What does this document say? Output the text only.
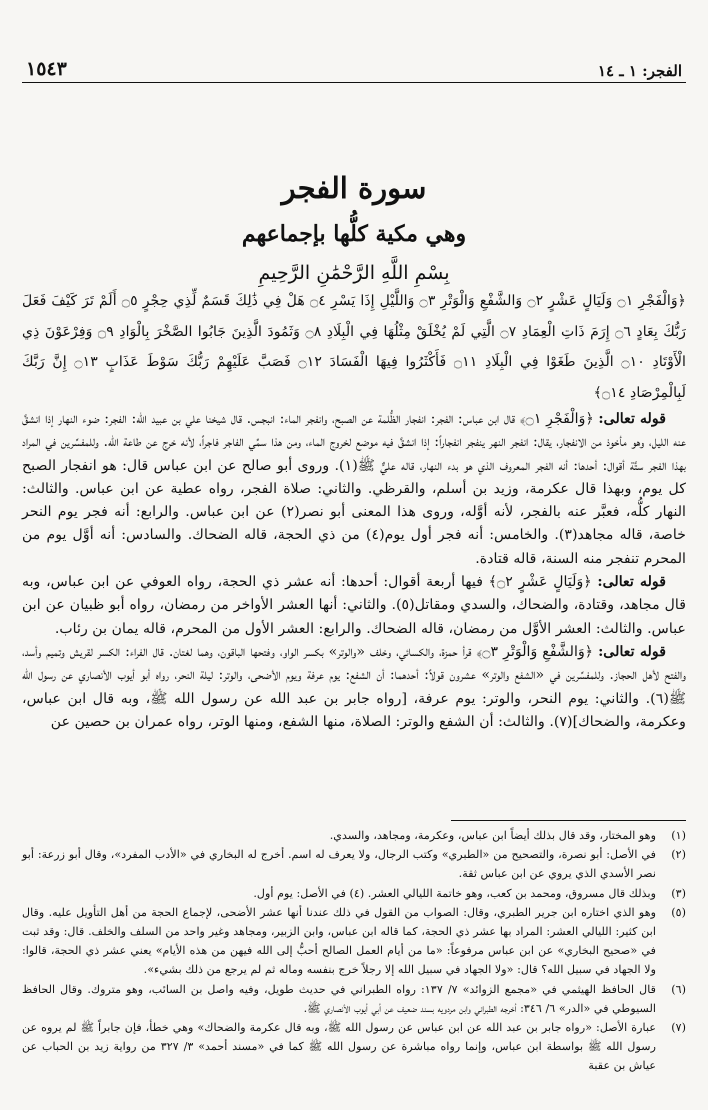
الفجر: ١ ـ ١٤
١٥٤٣
سورة الفجر
وهي مكية كلُّها بإجماعهم
بِسْمِ اللَّهِ الرَّحْمَٰنِ الرَّحِيمِ

﴿وَالْفَجْرِ ۝١ وَلَيَالٍ عَشْرٍ ۝٢ وَالشَّفْعِ وَالْوَتْرِ ۝٣ وَاللَّيْلِ إِذَا يَسْرِ ۝٤ هَلْ فِي ذَٰلِكَ قَسَمٌ لِّذِي حِجْرٍ ۝٥ أَلَمْ تَرَ كَيْفَ فَعَلَ رَبُّكَ بِعَادٍ ۝٦ إِرَمَ ذَاتِ الْعِمَادِ ۝٧ الَّتِي لَمْ يُخْلَقْ مِثْلُهَا فِي الْبِلَادِ ۝٨ وَثَمُودَ الَّذِينَ جَابُوا الصَّخْرَ بِالْوَادِ ۝٩ وَفِرْعَوْنَ ذِي الْأَوْتَادِ ۝١٠ الَّذِينَ طَغَوْا فِي الْبِلَادِ ۝١١ فَأَكْثَرُوا فِيهَا الْفَسَادَ ۝١٢ فَصَبَّ عَلَيْهِمْ رَبُّكَ سَوْطَ عَذَابٍ ۝١٣ إِنَّ رَبَّكَ لَبِالْمِرْصَادِ ۝١٤﴾

قوله تعالى: ﴿وَالْفَجْرِ ۝١﴾ قال ابن عباس: الفجر: انفجار الظُّلمة عن الصبح، وانفجر الماء: انبجس. قال شيخنا علي بن عبيد الله: الفجر: ضوء النهار إذا انشقَّ عنه الليل، وهو مأخوذ من الانفجار، يقال: انفجر النهر ينفجر انفجاراً: إذا انشقَّ فيه موضع لخروج الماء، ومن هذا سمِّي الفاجر فاجراً، لأنه خرج عن طاعة الله. وللمفسِّرين في المراد بهذا الفجر ستَّة أقوال: أحدها: أنه الفجر المعروف الذي هو بدء النهار، قاله عليٌّ ﷺ(١). وروى أبو صالح عن ابن عباس قال: هو انفجار الصبح كل يوم، وبهذا قال عكرمة، وزيد بن أسلم، والقرظي. والثاني: صلاة الفجر، رواه عطية عن ابن عباس. والثالث: النهار كلُّه، فعبَّر عنه بالفجر، لأنه أوَّله، وروى هذا المعنى أبو نصر(٢) عن ابن عباس. والرابع: أنه فجر يوم النحر خاصة، قاله مجاهد(٣). والخامس: أنه فجر أول يوم(٤) من ذي الحجة، قاله الضحاك. والسادس: أنه أوَّل يوم من المحرم تنفجر منه السنة، قاله قتادة.

قوله تعالى: ﴿وَلَيَالٍ عَشْرٍ ۝٢﴾ فيها أربعة أقوال: أحدها: أنه عشر ذي الحجة، رواه العوفي عن ابن عباس، وبه قال مجاهد، وقتادة، والضحاك، والسدي ومقاتل(٥). والثاني: أنها العشر الأواخر من رمضان، رواه أبو ظبيان عن ابن عباس. والثالث: العشر الأوَّل من رمضان، قاله الضحاك. والرابع: العشر الأول من المحرم، قاله يمان بن رئاب.

قوله تعالى: ﴿وَالشَّفْعِ وَالْوَتْرِ ۝٣﴾ قرأ حمزة، والكسائي، وخلف «والوتر» بكسر الواو، وفتحها الباقون، وهما لغتان. قال الفراء: الكسر لقريش وتميم وأسد، والفتح لأهل الحجاز. وللمفسِّرين في «الشفع والوتر» عشرون قولاً: أحدهما: أن الشفع: يوم عرفة ويوم الأضحى، والوتر: ليلة النحر، رواه أبو أيوب الأنصاري عن رسول الله ﷺ(٦). والثاني: يوم النحر، والوتر: يوم عرفة، [رواه جابر بن عبد الله عن رسول الله ﷺ، وبه قال ابن عباس، وعكرمة، والضحاك](٧). والثالث: أن الشفع والوتر: الصلاة، منها الشفع، ومنها الوتر، رواه عمران بن حصين عن

(١)
وهو المختار، وقد قال بذلك أيضاً ابن عباس، وعكرمة، ومجاهد، والسدي.
(٢)
في الأصل: أبو نصرة، والتصحيح من «الطبري» وكتب الرجال، ولا يعرف له اسم. أخرج له البخاري في «الأدب المفرد»، وقال أبو زرعة: أبو نصر الأسدي الذي يروي عن ابن عباس ثقة.
(٣)
وبذلك قال مسروق، ومحمد بن كعب، وهو خاتمة الليالي العشر. (٤) في الأصل: يوم أول.
(٥)
وهو الذي اختاره ابن جرير الطبري، وقال: الصواب من القول في ذلك عندنا أنها عشر الأضحى، لإجماع الحجة من أهل التأويل عليه. وقال ابن كثير: الليالي العشر: المراد بها عشر ذي الحجة، كما قاله ابن عباس، وابن الزبير، ومجاهد وغير واحد من السلف والخلف. قال: وقد ثبت في «صحيح البخاري» عن ابن عباس مرفوعاً: «ما من أيام العمل الصالح أحبُّ إلى الله فيهن من هذه الأيام» يعني عشر ذي الحجة، قالوا: ولا الجهاد في سبيل الله؟ قال: «ولا الجهاد في سبيل الله إلا رجلاً خرج بنفسه وماله ثم لم يرجع من ذلك بشيء».
(٦)
قال الحافظ الهيثمي في «مجمع الزوائد» ٧/ ١٣٧: رواه الطبراني في حديث طويل، وفيه واصل بن السائب، وهو متروك. وقال الحافظ السيوطي في «الدر» ٦/ ٣٤٦: أخرجه الطبراني وابن مردويه بسند ضعيف عن أبي أيوب الأنصاري ﷺ.
(٧)
عبارة الأصل: «رواه جابر بن عبد الله عن ابن عباس عن رسول الله ﷺ، وبه قال عكرمة والضحاك» وهي خطأ، فإن جابراً ﷺ لم يروه عن رسول الله ﷺ بواسطة ابن عباس، وإنما رواه مباشرة عن رسول الله ﷺ كما في «مسند أحمد» ٣/ ٣٢٧ من رواية زيد بن الحباب عن عياش بن عقبة
